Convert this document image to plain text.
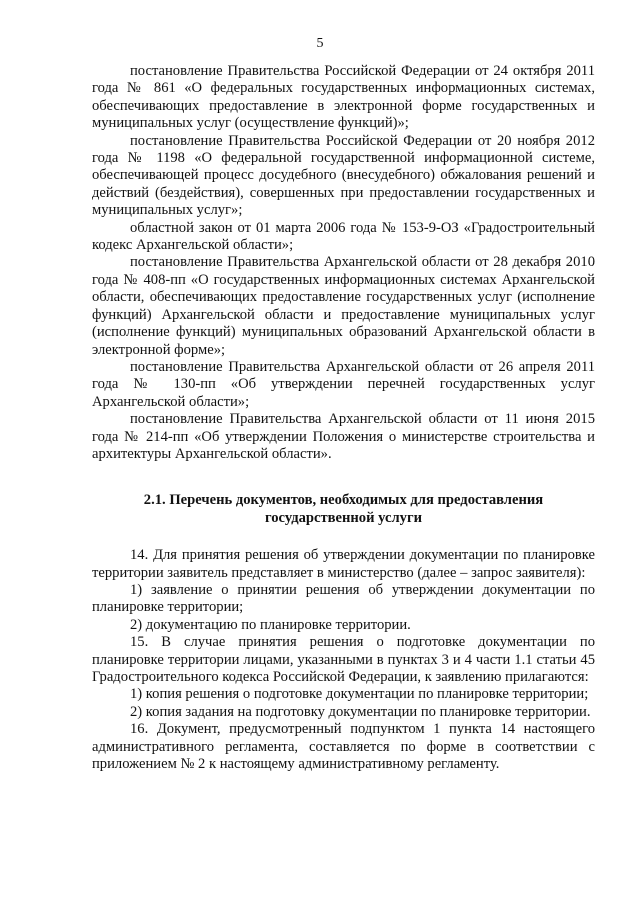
5

постановление Правительства Российской Федерации от 24 октября 2011 года № 861 «О федеральных государственных информационных системах, обеспечивающих предоставление в электронной форме государственных и муниципальных услуг (осуществление функций)»;

постановление Правительства Российской Федерации от 20 ноября 2012 года № 1198 «О федеральной государственной информационной системе, обеспечивающей процесс досудебного (внесудебного) обжалования решений и действий (бездействия), совершенных при предоставлении государственных и муниципальных услуг»;

областной закон от 01 марта 2006 года № 153-9-ОЗ «Градостроительный кодекс Архангельской области»;

постановление Правительства Архангельской области от 28 декабря 2010 года № 408-пп «О государственных информационных системах Архангельской области, обеспечивающих предоставление государственных услуг (исполнение функций) Архангельской области и предоставление муниципальных услуг (исполнение функций) муниципальных образований Архангельской области в электронной форме»;

постановление Правительства Архангельской области от 26 апреля 2011 года № 130-пп «Об утверждении перечней государственных услуг Архангельской области»;

постановление Правительства Архангельской области от 11 июня 2015 года № 214-пп «Об утверждении Положения о министерстве строительства и архитектуры Архангельской области».

2.1. Перечень документов, необходимых для предоставления государственной услуги

14. Для принятия решения об утверждении документации по планировке территории заявитель представляет в министерство (далее – запрос заявителя):

1) заявление о принятии решения об утверждении документации по планировке территории;

2) документацию по планировке территории.

15. В случае принятия решения о подготовке документации по планировке территории лицами, указанными в пунктах 3 и 4 части 1.1 статьи 45 Градостроительного кодекса Российской Федерации, к заявлению прилагаются:

1) копия решения о подготовке документации по планировке территории;

2) копия задания на подготовку документации по планировке территории.

16. Документ, предусмотренный подпунктом 1 пункта 14 настоящего административного регламента, составляется по форме в соответствии с приложением № 2 к настоящему административному регламенту.
